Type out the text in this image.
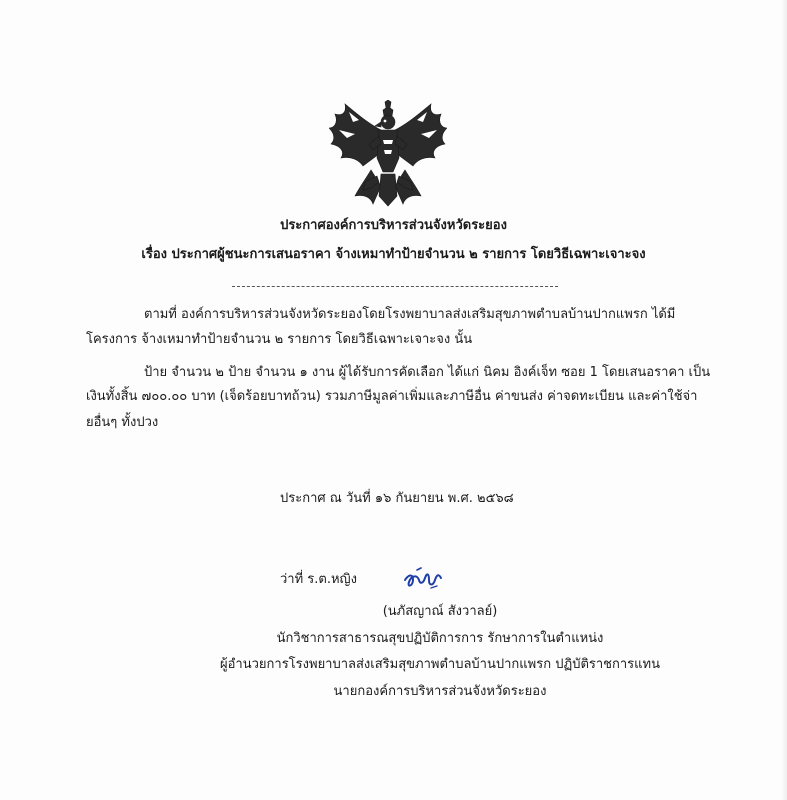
ประกาศองค์การบริหารส่วนจังหวัดระยอง
เรื่อง ประกาศผู้ชนะการเสนอราคา จ้างเหมาทำป้ายจำนวน ๒ รายการ โดยวิธีเฉพาะเจาะจง
ตามที่ องค์การบริหารส่วนจังหวัดระยองโดยโรงพยาบาลส่งเสริมสุขภาพตำบลบ้านปากแพรก ได้มี
โครงการ จ้างเหมาทำป้ายจำนวน ๒ รายการ โดยวิธีเฉพาะเจาะจง นั้น
ป้าย จำนวน ๒ ป้าย จำนวน ๑ งาน ผู้ได้รับการคัดเลือก ได้แก่ นิคม อิงค์เจ็ท ซอย 1 โดยเสนอราคา เป็น
เงินทั้งสิ้น ๗๐๐.๐๐ บาท (เจ็ดร้อยบาทถ้วน) รวมภาษีมูลค่าเพิ่มและภาษีอื่น ค่าขนส่ง ค่าจดทะเบียน และค่าใช้จ่า
ยอื่นๆ ทั้งปวง
ประกาศ ณ วันที่ ๑๖ กันยายน พ.ศ. ๒๕๖๘
ว่าที่ ร.ต.หญิง
(นภัสญาณ์ สังวาลย์)
นักวิชาการสาธารณสุขปฏิบัติการการ รักษาการในตำแหน่ง
ผู้อำนวยการโรงพยาบาลส่งเสริมสุขภาพตำบลบ้านปากแพรก ปฏิบัติราชการแทน
นายกองค์การบริหารส่วนจังหวัดระยอง
